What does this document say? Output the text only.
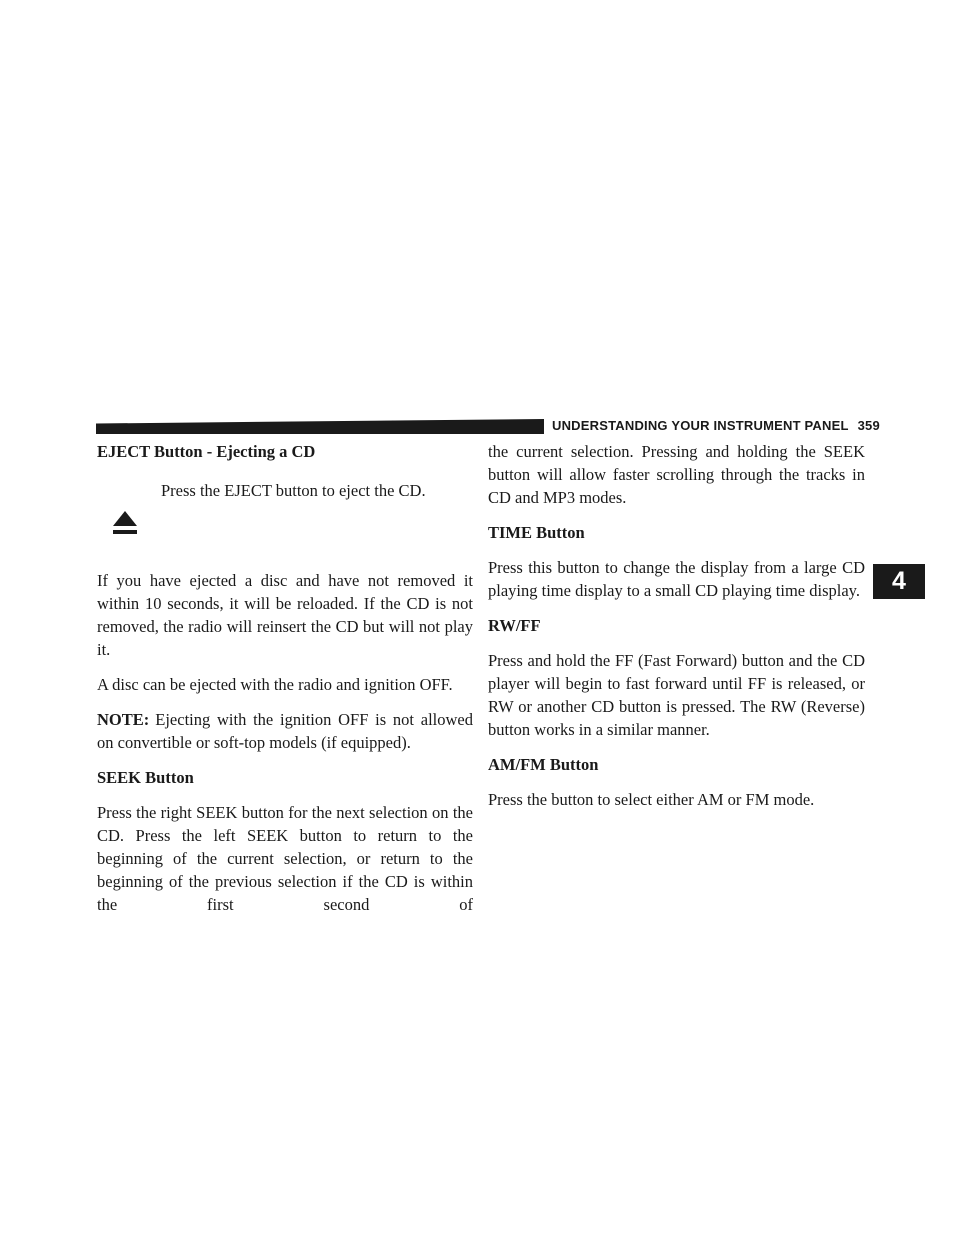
UNDERSTANDING YOUR INSTRUMENT PANEL 359
4
EJECT Button - Ejecting a CD
Press the EJECT button to eject the CD.

If you have ejected a disc and have not removed it within 10 seconds, it will be reloaded. If the CD is not removed, the radio will reinsert the CD but will not play it.

A disc can be ejected with the radio and ignition OFF.

NOTE: Ejecting with the ignition OFF is not allowed on convertible or soft-top models (if equipped).

SEEK Button

Press the right SEEK button for the next selection on the CD. Press the left SEEK button to return to the beginning of the current selection, or return to the beginning of the previous selection if the CD is within the first second of

the current selection. Pressing and holding the SEEK button will allow faster scrolling through the tracks in CD and MP3 modes.

TIME Button

Press this button to change the display from a large CD playing time display to a small CD playing time display.

RW/FF

Press and hold the FF (Fast Forward) button and the CD player will begin to fast forward until FF is released, or RW or another CD button is pressed. The RW (Reverse) button works in a similar manner.

AM/FM Button

Press the button to select either AM or FM mode.
